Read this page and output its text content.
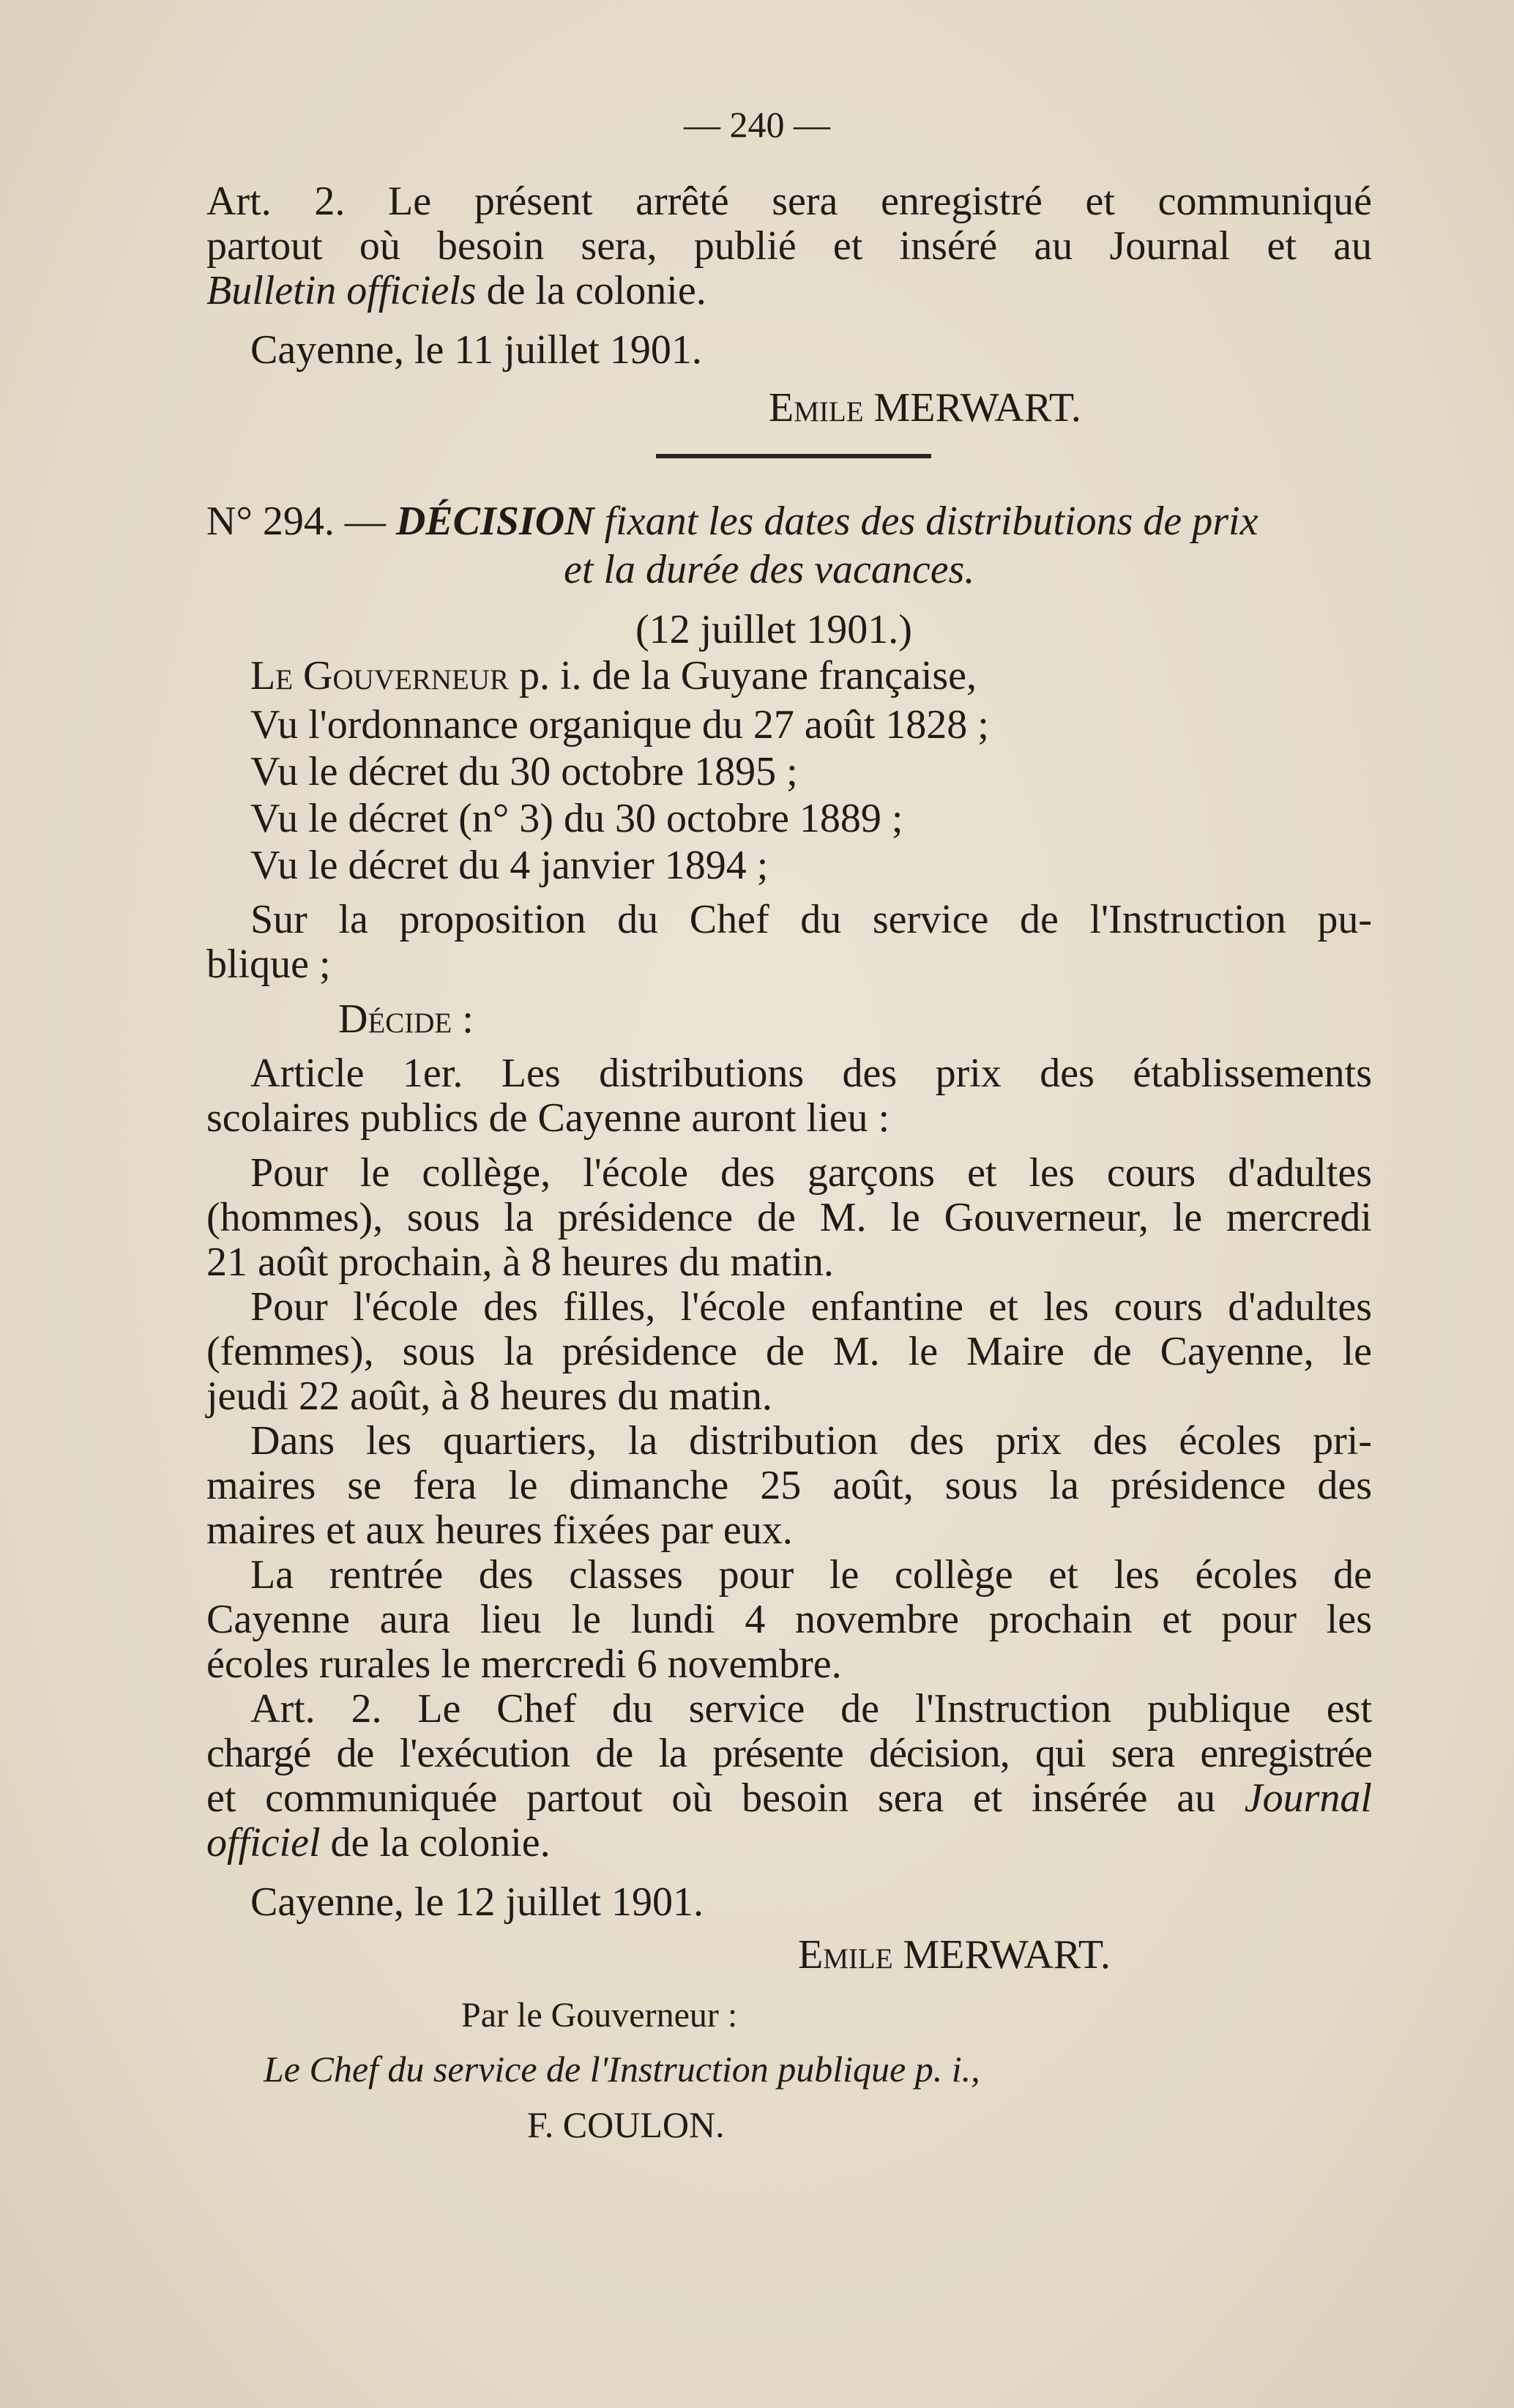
— 240 —
Art. 2. Le présent arrêté sera enregistré et communiqué
partout où besoin sera, publié et inséré au Journal et au
Bulletin officiels de la colonie.
Cayenne, le 11 juillet 1901.
Emile MERWART.
N° 294. — DÉCISION fixant les dates des distributions de prix
et la durée des vacances.
(12 juillet 1901.)
Le Gouverneur p. i. de la Guyane française,
Vu l'ordonnance organique du 27 août 1828 ;
Vu le décret du 30 octobre 1895 ;
Vu le décret (n° 3) du 30 octobre 1889 ;
Vu le décret du 4 janvier 1894 ;
Sur la proposition du Chef du service de l'Instruction pu-
blique ;
Décide :
Article 1er. Les distributions des prix des établissements
scolaires publics de Cayenne auront lieu :
Pour le collège, l'école des garçons et les cours d'adultes
(hommes), sous la présidence de M. le Gouverneur, le mercredi
21 août prochain, à 8 heures du matin.
Pour l'école des filles, l'école enfantine et les cours d'adultes
(femmes), sous la présidence de M. le Maire de Cayenne, le
jeudi 22 août, à 8 heures du matin.
Dans les quartiers, la distribution des prix des écoles pri-
maires se fera le dimanche 25 août, sous la présidence des
maires et aux heures fixées par eux.
La rentrée des classes pour le collège et les écoles de
Cayenne aura lieu le lundi 4 novembre prochain et pour les
écoles rurales le mercredi 6 novembre.
Art. 2. Le Chef du service de l'Instruction publique est
chargé de l'exécution de la présente décision, qui sera enregistrée
et communiquée partout où besoin sera et insérée au Journal
officiel de la colonie.
Cayenne, le 12 juillet 1901.
Emile MERWART.
Par le Gouverneur :
Le Chef du service de l'Instruction publique p. i.,
F. COULON.
